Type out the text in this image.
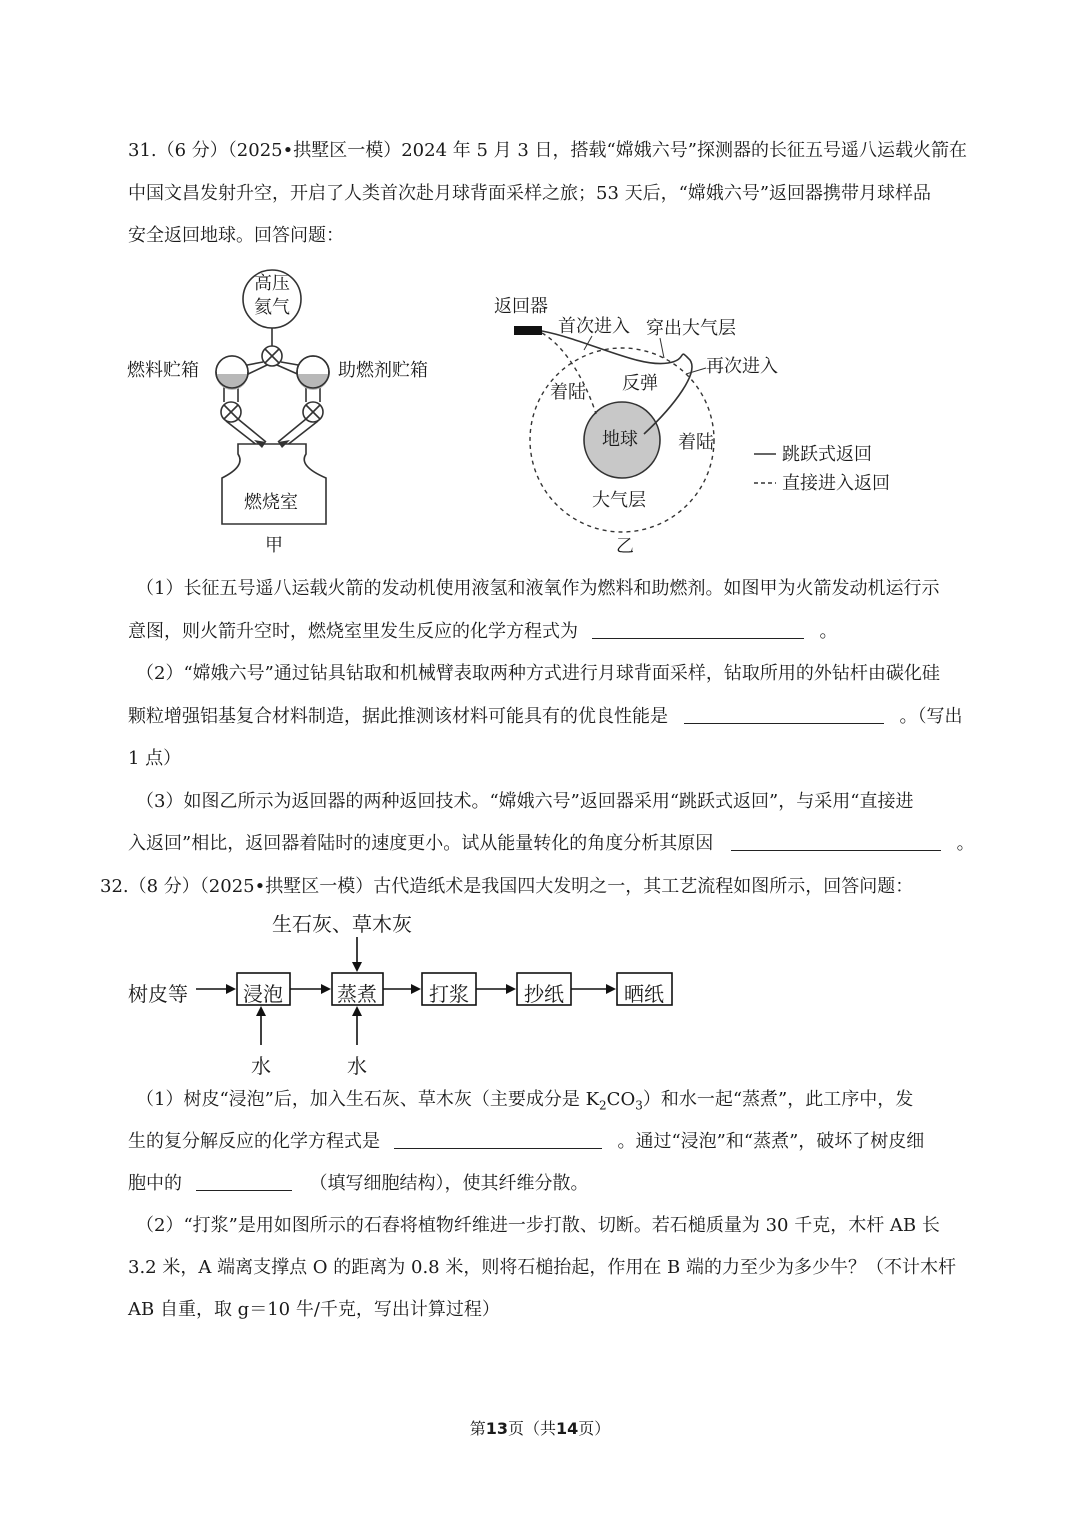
31.（6 分）（2025•拱墅区一模）2024 年 5 月 3 日，搭载“嫦娥六号”探测器的长征五号遥八运载火箭在
中国文昌发射升空，开启了人类首次赴月球背面采样之旅；53 天后，“嫦娥六号”返回器携带月球样品
安全返回地球。回答问题：
高压
氦气
燃料贮箱	助燃剂贮箱
燃烧室
甲
返回器
首次进入 穿出大气层
再次进入
着陆 反弹
地球 着陆
大气层
跳跃式返回
直接进入返回
乙
（1）长征五号遥八运载火箭的发动机使用液氢和液氧作为燃料和助燃剂。如图甲为火箭发动机运行示
意图，则火箭升空时，燃烧室里发生反应的化学方程式为	。
（2）“嫦娥六号”通过钻具钻取和机械臂表取两种方式进行月球背面采样，钻取所用的外钻杆由碳化硅
颗粒增强铝基复合材料制造，据此推测该材料可能具有的优良性能是	。（写出
1 点）
（3）如图乙所示为返回器的两种返回技术。“嫦娥六号”返回器采用“跳跃式返回”，与采用“直接进
入返回”相比，返回器着陆时的速度更小。试从能量转化的角度分析其原因	。
32.（8 分）（2025•拱墅区一模）古代造纸术是我国四大发明之一，其工艺流程如图所示，回答问题：
生石灰、草木灰
树皮等	浸泡	蒸煮	打浆	抄纸	晒纸
水	水
（1）树皮“浸泡”后，加入生石灰、草木灰（主要成分是 $K_2CO_3$）和水一起“蒸煮”，此工序中，发
生的复分解反应的化学方程式是	。通过“浸泡”和“蒸煮”，破坏了树皮细
胞中的	（填写细胞结构），使其纤维分散。
（2）“打浆”是用如图所示的石舂将植物纤维进一步打散、切断。若石槌质量为 30 千克，木杆 AB 长
3.2 米，A 端离支撑点 O 的距离为 0.8 米，则将石槌抬起，作用在 B 端的力至少为多少牛？（不计木杆
AB 自重，取 g＝10 牛/千克，写出计算过程）
第13页（共14页）
